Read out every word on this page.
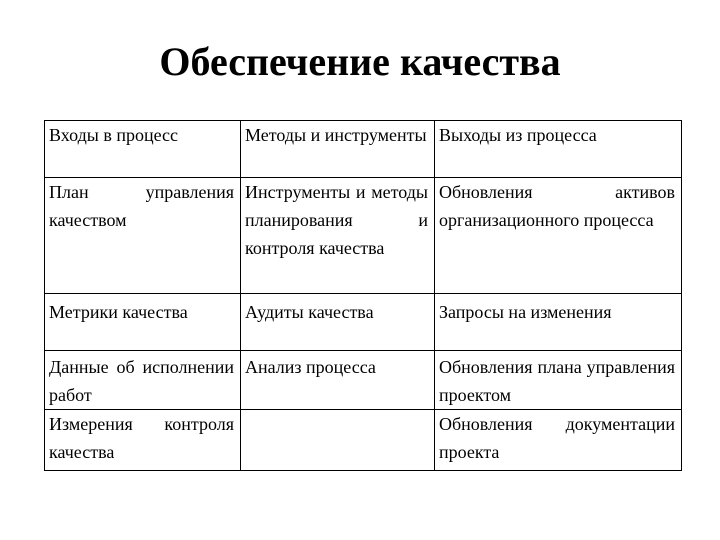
Обеспечение качества
Входы в процесс	Методы и инструменты	Выходы из процесса
План управления качеством	Инструменты и методы планирования и контроля качества	Обновления активов организационного процесса
Метрики качества	Аудиты качества	Запросы на изменения
Данные об исполнении работ	Анализ процесса	Обновления плана управления проектом
Измерения контроля качества		Обновления документации проекта
